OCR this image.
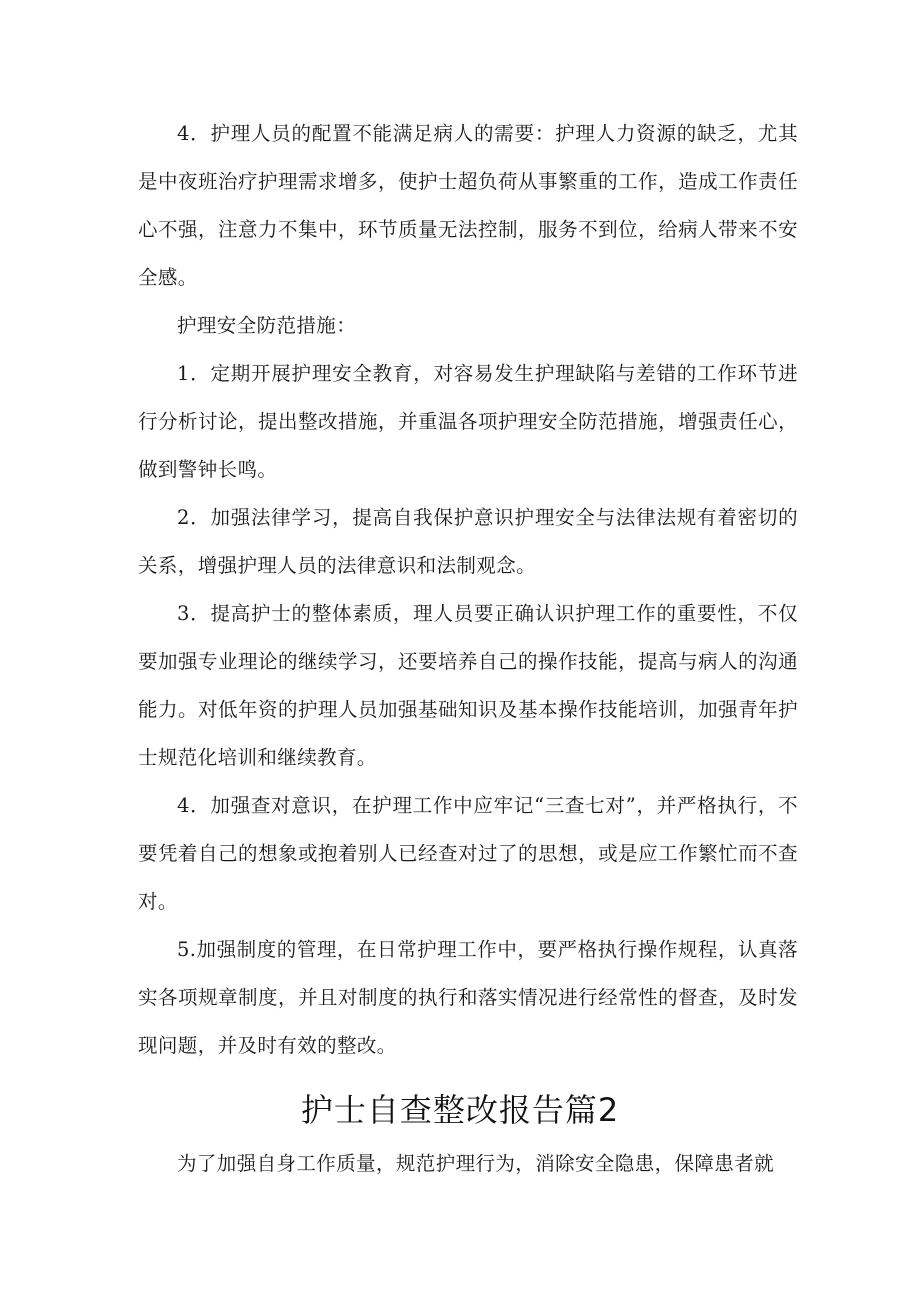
4．护理人员的配置不能满足病人的需要：护理人力资源的缺乏，尤其是中夜班治疗护理需求增多，使护士超负荷从事繁重的工作，造成工作责任心不强，注意力不集中，环节质量无法控制，服务不到位，给病人带来不安全感。

护理安全防范措施：

1．定期开展护理安全教育，对容易发生护理缺陷与差错的工作环节进行分析讨论，提出整改措施，并重温各项护理安全防范措施，增强责任心，做到警钟长鸣。

2．加强法律学习，提高自我保护意识护理安全与法律法规有着密切的关系，增强护理人员的法律意识和法制观念。

3．提高护士的整体素质，理人员要正确认识护理工作的重要性，不仅要加强专业理论的继续学习，还要培养自己的操作技能，提高与病人的沟通能力。对低年资的护理人员加强基础知识及基本操作技能培训，加强青年护士规范化培训和继续教育。

4．加强查对意识，在护理工作中应牢记“三查七对”，并严格执行，不要凭着自己的想象或抱着别人已经查对过了的思想，或是应工作繁忙而不查对。

5.加强制度的管理，在日常护理工作中，要严格执行操作规程，认真落实各项规章制度，并且对制度的执行和落实情况进行经常性的督查，及时发现问题，并及时有效的整改。

护士自查整改报告篇2

为了加强自身工作质量，规范护理行为，消除安全隐患，保障患者就
